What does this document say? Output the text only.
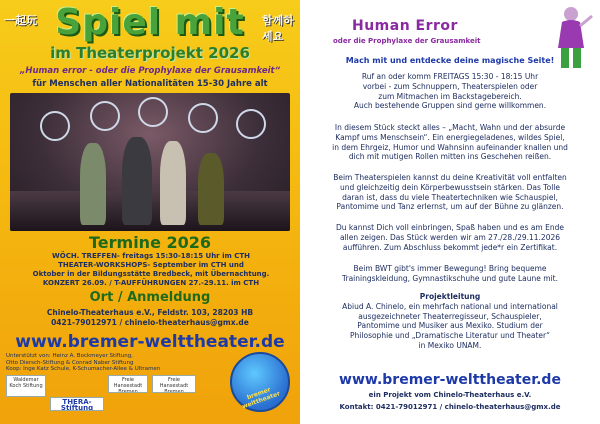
一起玩 Spiel mit	함께하세요
im Theaterprojekt 2026
„Human error - oder die Prophylaxe der Grausamkeit“
für Menschen aller Nationalitäten 15-30 Jahre alt
Termine 2026
WÖCH. TREFFEN- freitags 15:30-18:15 Uhr im CTH
THEATER-WORKSHOPS- September im CTH und
Oktober in der Bildungsstätte Bredbeck, mit Übernachtung.
KONZERT 26.09. / T-AUFFÜHRUNGEN 27.-29.11. im CTH
Ort / Anmeldung
Chinelo-Theaterhaus e.V., Feldstr. 103, 28203 HB
0421-79012971 / chinelo-theaterhaus@gmx.de
www.bremer-welttheater.de
Unterstützt von: Heinz A. Bockmeyer Stiftung,
Otto Diersch-Stiftung & Conrad Naber Stiftung
Koop: Inge Katz Schule, K-Schumacher-Allee & Ultramen
Waldemar Koch Stiftung
THERA-Stiftung
Freie Hansestadt Bremen
Freie Hansestadt Bremen	bremer welttheater
Human Error
oder die Prophylaxe der Grausamkeit
Mach mit und entdecke deine magische Seite!
Ruf an oder komm FREITAGS 15:30 - 18:15 Uhr
vorbei - zum Schnuppern, Theaterspielen oder
zum Mitmachen im Backstagebereich.
Auch bestehende Gruppen sind gerne willkommen.
In diesem Stück steckt alles – „Macht, Wahn und der absurde
Kampf ums Menschsein“. Ein energiegeladenes, wildes Spiel,
in dem Ehrgeiz, Humor und Wahnsinn aufeinander knallen und
dich mit mutigen Rollen mitten ins Geschehen reißen.
Beim Theaterspielen kannst du deine Kreativität voll entfalten
und gleichzeitig dein Körperbewusstsein stärken. Das Tolle
daran ist, dass du viele Theatertechniken wie Schauspiel,
Pantomime und Tanz erlernst, um auf der Bühne zu glänzen.
Du kannst Dich voll einbringen, Spaß haben und es am Ende
allen zeigen. Das Stück werden wir am 27./28./29.11.2026
aufführen. Zum Abschluss bekommt jede*r ein Zertifikat.
Beim BWT gibt's immer Bewegung! Bring bequeme
Trainingskleidung, Gymnastikschuhe und gute Laune mit.
Projektleitung
Abiud A. Chinelo, ein mehrfach national und international
ausgezeichneter Theaterregisseur, Schauspieler,
Pantomime und Musiker aus Mexiko. Studium der
Philosophie und „Dramatische Literatur und Theater“
in Mexiko UNAM.
www.bremer-welttheater.de
ein Projekt vom Chinelo-Theaterhaus e.V.
Kontakt: 0421-79012971 / chinelo-theaterhaus@gmx.de
